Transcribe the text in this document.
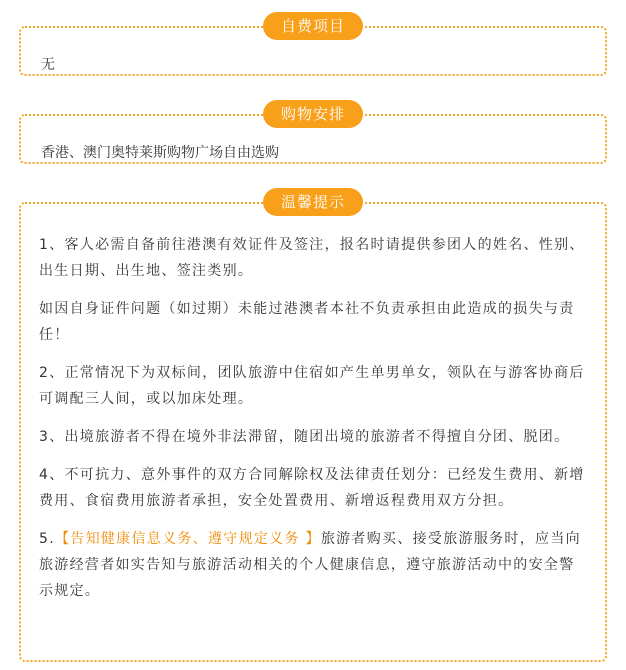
自费项目

无

购物安排

香港、澳门奥特莱斯购物广场自由选购

温馨提示

1、客人必需自备前往港澳有效证件及签注，报名时请提供参团人的姓名、性别、出生日期、出生地、签注类别。

如因自身证件问题（如过期）未能过港澳者本社不负责承担由此造成的损失与责任！

2、正常情况下为双标间，团队旅游中住宿如产生单男单女，领队在与游客协商后可调配三人间，或以加床处理。

3、出境旅游者不得在境外非法滞留，随团出境的旅游者不得擅自分团、脱团。

4、不可抗力、意外事件的双方合同解除权及法律责任划分：已经发生费用、新增费用、食宿费用旅游者承担，安全处置费用、新增返程费用双方分担。

5.【告知健康信息义务、遵守规定义务 】旅游者购买、接受旅游服务时，应当向旅游经营者如实告知与旅游活动相关的个人健康信息，遵守旅游活动中的安全警示规定。
